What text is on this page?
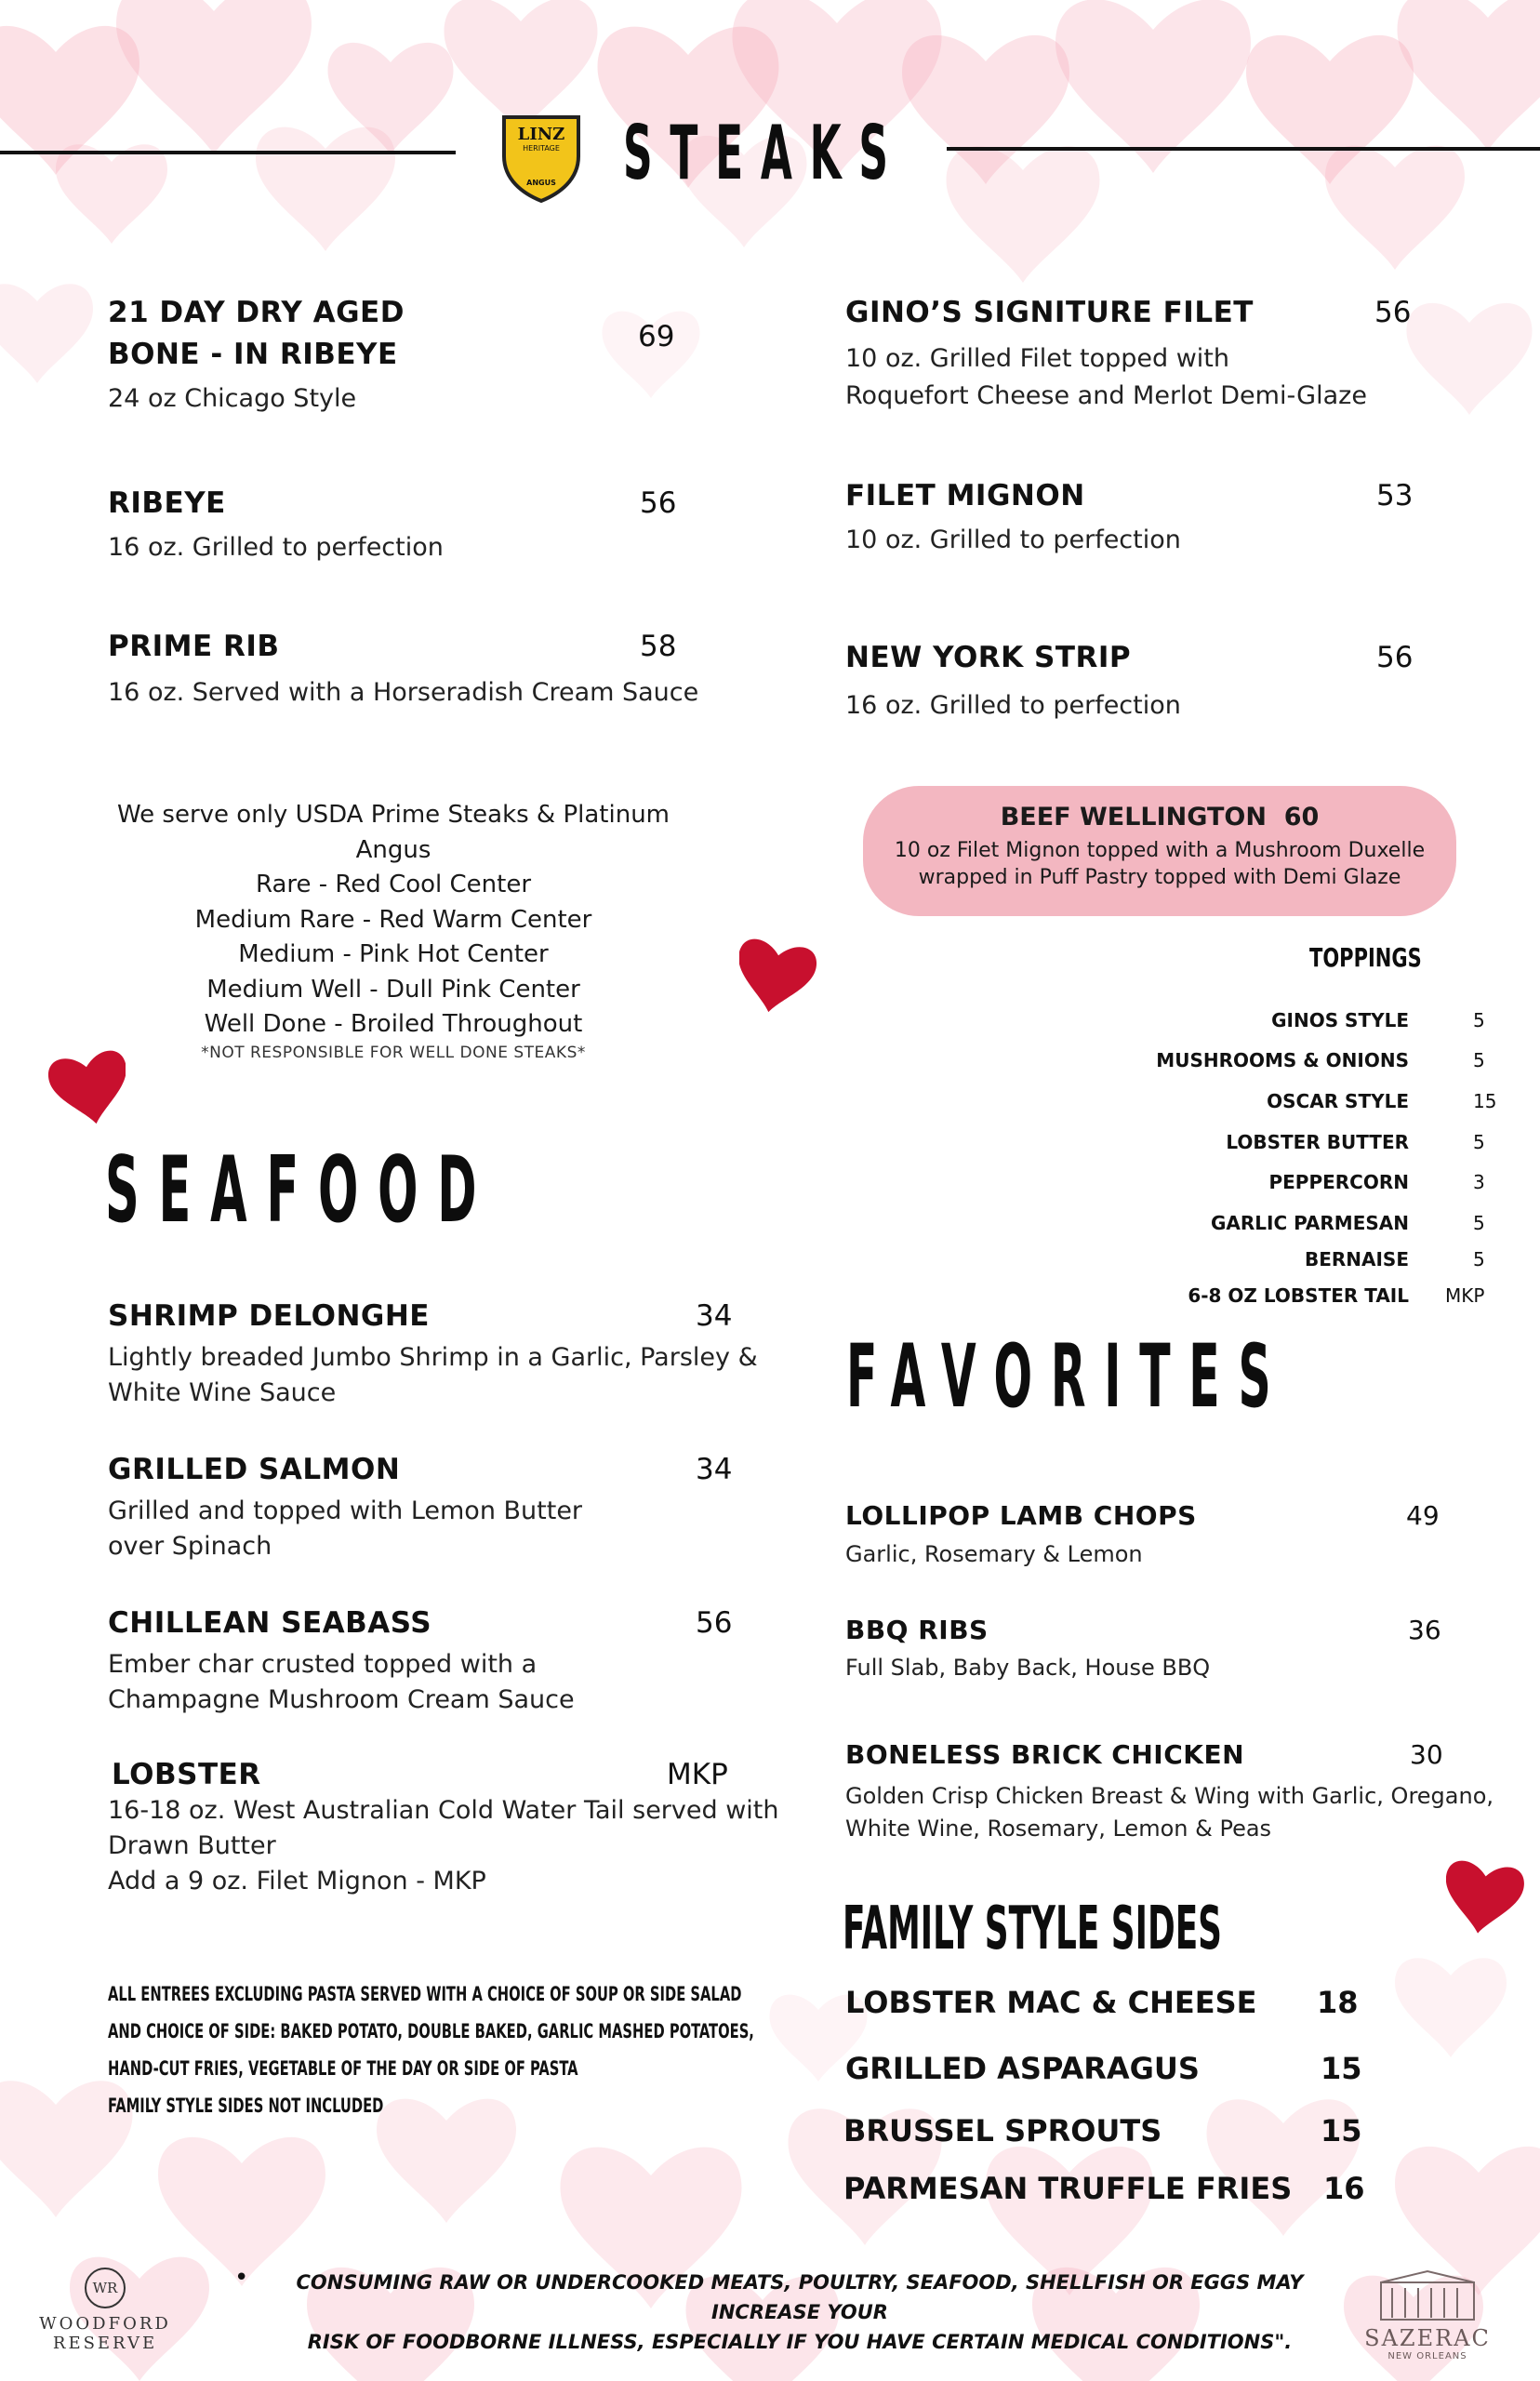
LINZ
HERITAGE
ANGUS STEAKS
21 DAY DRY AGED
BONE - IN RIBEYE
69
24 oz Chicago Style
RIBEYE	56
16 oz. Grilled to perfection
PRIME RIB	58
16 oz. Served with a Horseradish Cream Sauce
GINO’S SIGNITURE FILET	56
10 oz. Grilled Filet topped with
Roquefort Cheese and Merlot Demi-Glaze
FILET MIGNON	53
10 oz. Grilled to perfection
NEW YORK STRIP	56
16 oz. Grilled to perfection
We serve only USDA Prime Steaks & Platinum Angus
Rare - Red Cool Center
Medium Rare - Red Warm Center
Medium - Pink Hot Center
Medium Well - Dull Pink Center
Well Done - Broiled Throughout
*NOT RESPONSIBLE FOR WELL DONE STEAKS*
BEEF WELLINGTON  60
10 oz Filet Mignon topped with a Mushroom Duxelle
wrapped in Puff Pastry topped with Demi Glaze
TOPPINGS
GINOS STYLE	5
MUSHROOMS & ONIONS	5
OSCAR STYLE	15
LOBSTER BUTTER	5
PEPPERCORN	3
GARLIC PARMESAN	5
BERNAISE	5
6-8 OZ LOBSTER TAIL MKP
SEAFOOD
SHRIMP DELONGHE	34
Lightly breaded Jumbo Shrimp in a Garlic, Parsley &
White Wine Sauce
GRILLED SALMON	34
Grilled and topped with Lemon Butter
over Spinach
CHILLEAN SEABASS	56
Ember char crusted topped with a
Champagne Mushroom Cream Sauce
LOBSTER	MKP
16-18 oz. West Australian Cold Water Tail served with
Drawn Butter
Add a 9 oz. Filet Mignon - MKP
ALL ENTREES EXCLUDING PASTA SERVED WITH A CHOICE OF SOUP OR SIDE SALAD
AND CHOICE OF SIDE: BAKED POTATO, DOUBLE BAKED, GARLIC MASHED POTATOES,
HAND-CUT FRIES, VEGETABLE OF THE DAY OR SIDE OF PASTA
FAMILY STYLE SIDES NOT INCLUDED
FAVORITES
LOLLIPOP LAMB CHOPS	49
Garlic, Rosemary & Lemon
BBQ RIBS	36
Full Slab, Baby Back, House BBQ
BONELESS BRICK CHICKEN	30
Golden Crisp Chicken Breast & Wing with Garlic, Oregano,
White Wine, Rosemary, Lemon & Peas
FAMILY STYLE SIDES
LOBSTER MAC & CHEESE 18
GRILLED ASPARAGUS	15
BRUSSEL SPROUTS	15
PARMESAN TRUFFLE FRIES 16
•	CONSUMING RAW OR UNDERCOOKED MEATS, POULTRY, SEAFOOD, SHELLFISH OR EGGS MAY INCREASE YOUR
RISK OF FOODBORNE ILLNESS, ESPECIALLY IF YOU HAVE CERTAIN MEDICAL CONDITIONS".
WR
WOODFORD
RESERVE	SAZERAC
NEW ORLEANS
